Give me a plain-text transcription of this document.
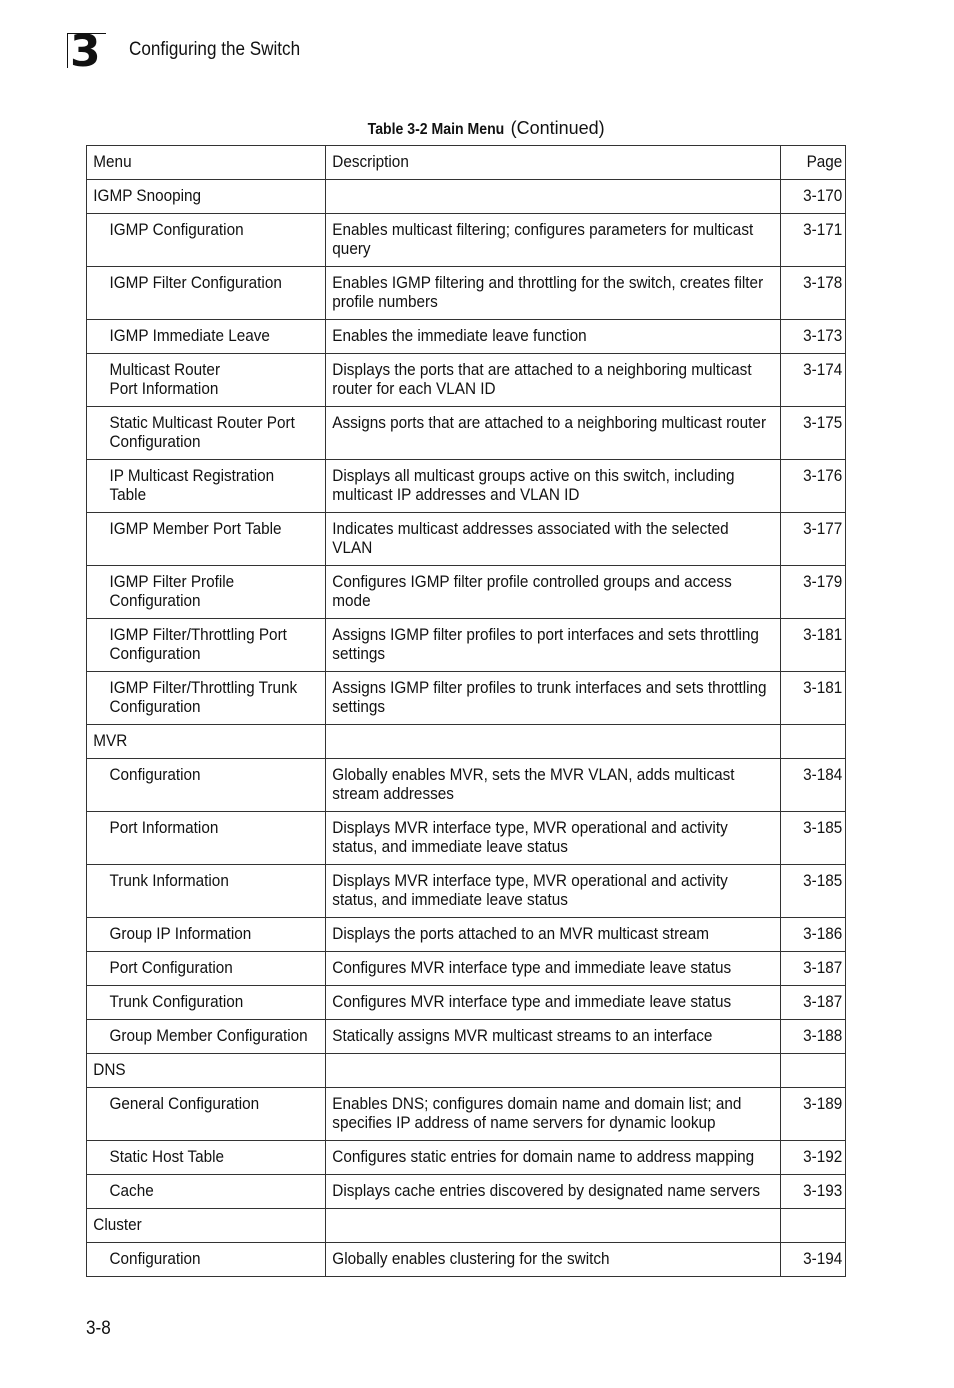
3 Configuring the Switch
Table 3-2 Main Menu (Continued)
Menu	Description	Page

IGMP Snooping		3-170

IGMP Configuration	Enables multicast filtering; configures parameters for multicast
query	3-171

IGMP Filter Configuration	Enables IGMP filtering and throttling for the switch, creates filter
profile numbers	3-178

IGMP Immediate Leave	Enables the immediate leave function	3-173

Multicast Router
Port Information	Displays the ports that are attached to a neighboring multicast
router for each VLAN ID	3-174

Static Multicast Router Port
Configuration	Assigns ports that are attached to a neighboring multicast router	3-175

IP Multicast Registration
Table	Displays all multicast groups active on this switch, including
multicast IP addresses and VLAN ID	3-176

IGMP Member Port Table	Indicates multicast addresses associated with the selected
VLAN	3-177

IGMP Filter Profile
Configuration	Configures IGMP filter profile controlled groups and access
mode	3-179

IGMP Filter/Throttling Port
Configuration	Assigns IGMP filter profiles to port interfaces and sets throttling
settings	3-181

IGMP Filter/Throttling Trunk
Configuration	Assigns IGMP filter profiles to trunk interfaces and sets throttling
settings	3-181

MVR		

Configuration	Globally enables MVR, sets the MVR VLAN, adds multicast
stream addresses	3-184

Port Information	Displays MVR interface type, MVR operational and activity
status, and immediate leave status	3-185

Trunk Information	Displays MVR interface type, MVR operational and activity
status, and immediate leave status	3-185

Group IP Information	Displays the ports attached to an MVR multicast stream	3-186

Port Configuration	Configures MVR interface type and immediate leave status	3-187

Trunk Configuration	Configures MVR interface type and immediate leave status	3-187

Group Member Configuration	Statically assigns MVR multicast streams to an interface	3-188

DNS		

General Configuration	Enables DNS; configures domain name and domain list; and
specifies IP address of name servers for dynamic lookup	3-189

Static Host Table	Configures static entries for domain name to address mapping	3-192

Cache	Displays cache entries discovered by designated name servers	3-193

Cluster		

Configuration	Globally enables clustering for the switch	3-194
3-8
